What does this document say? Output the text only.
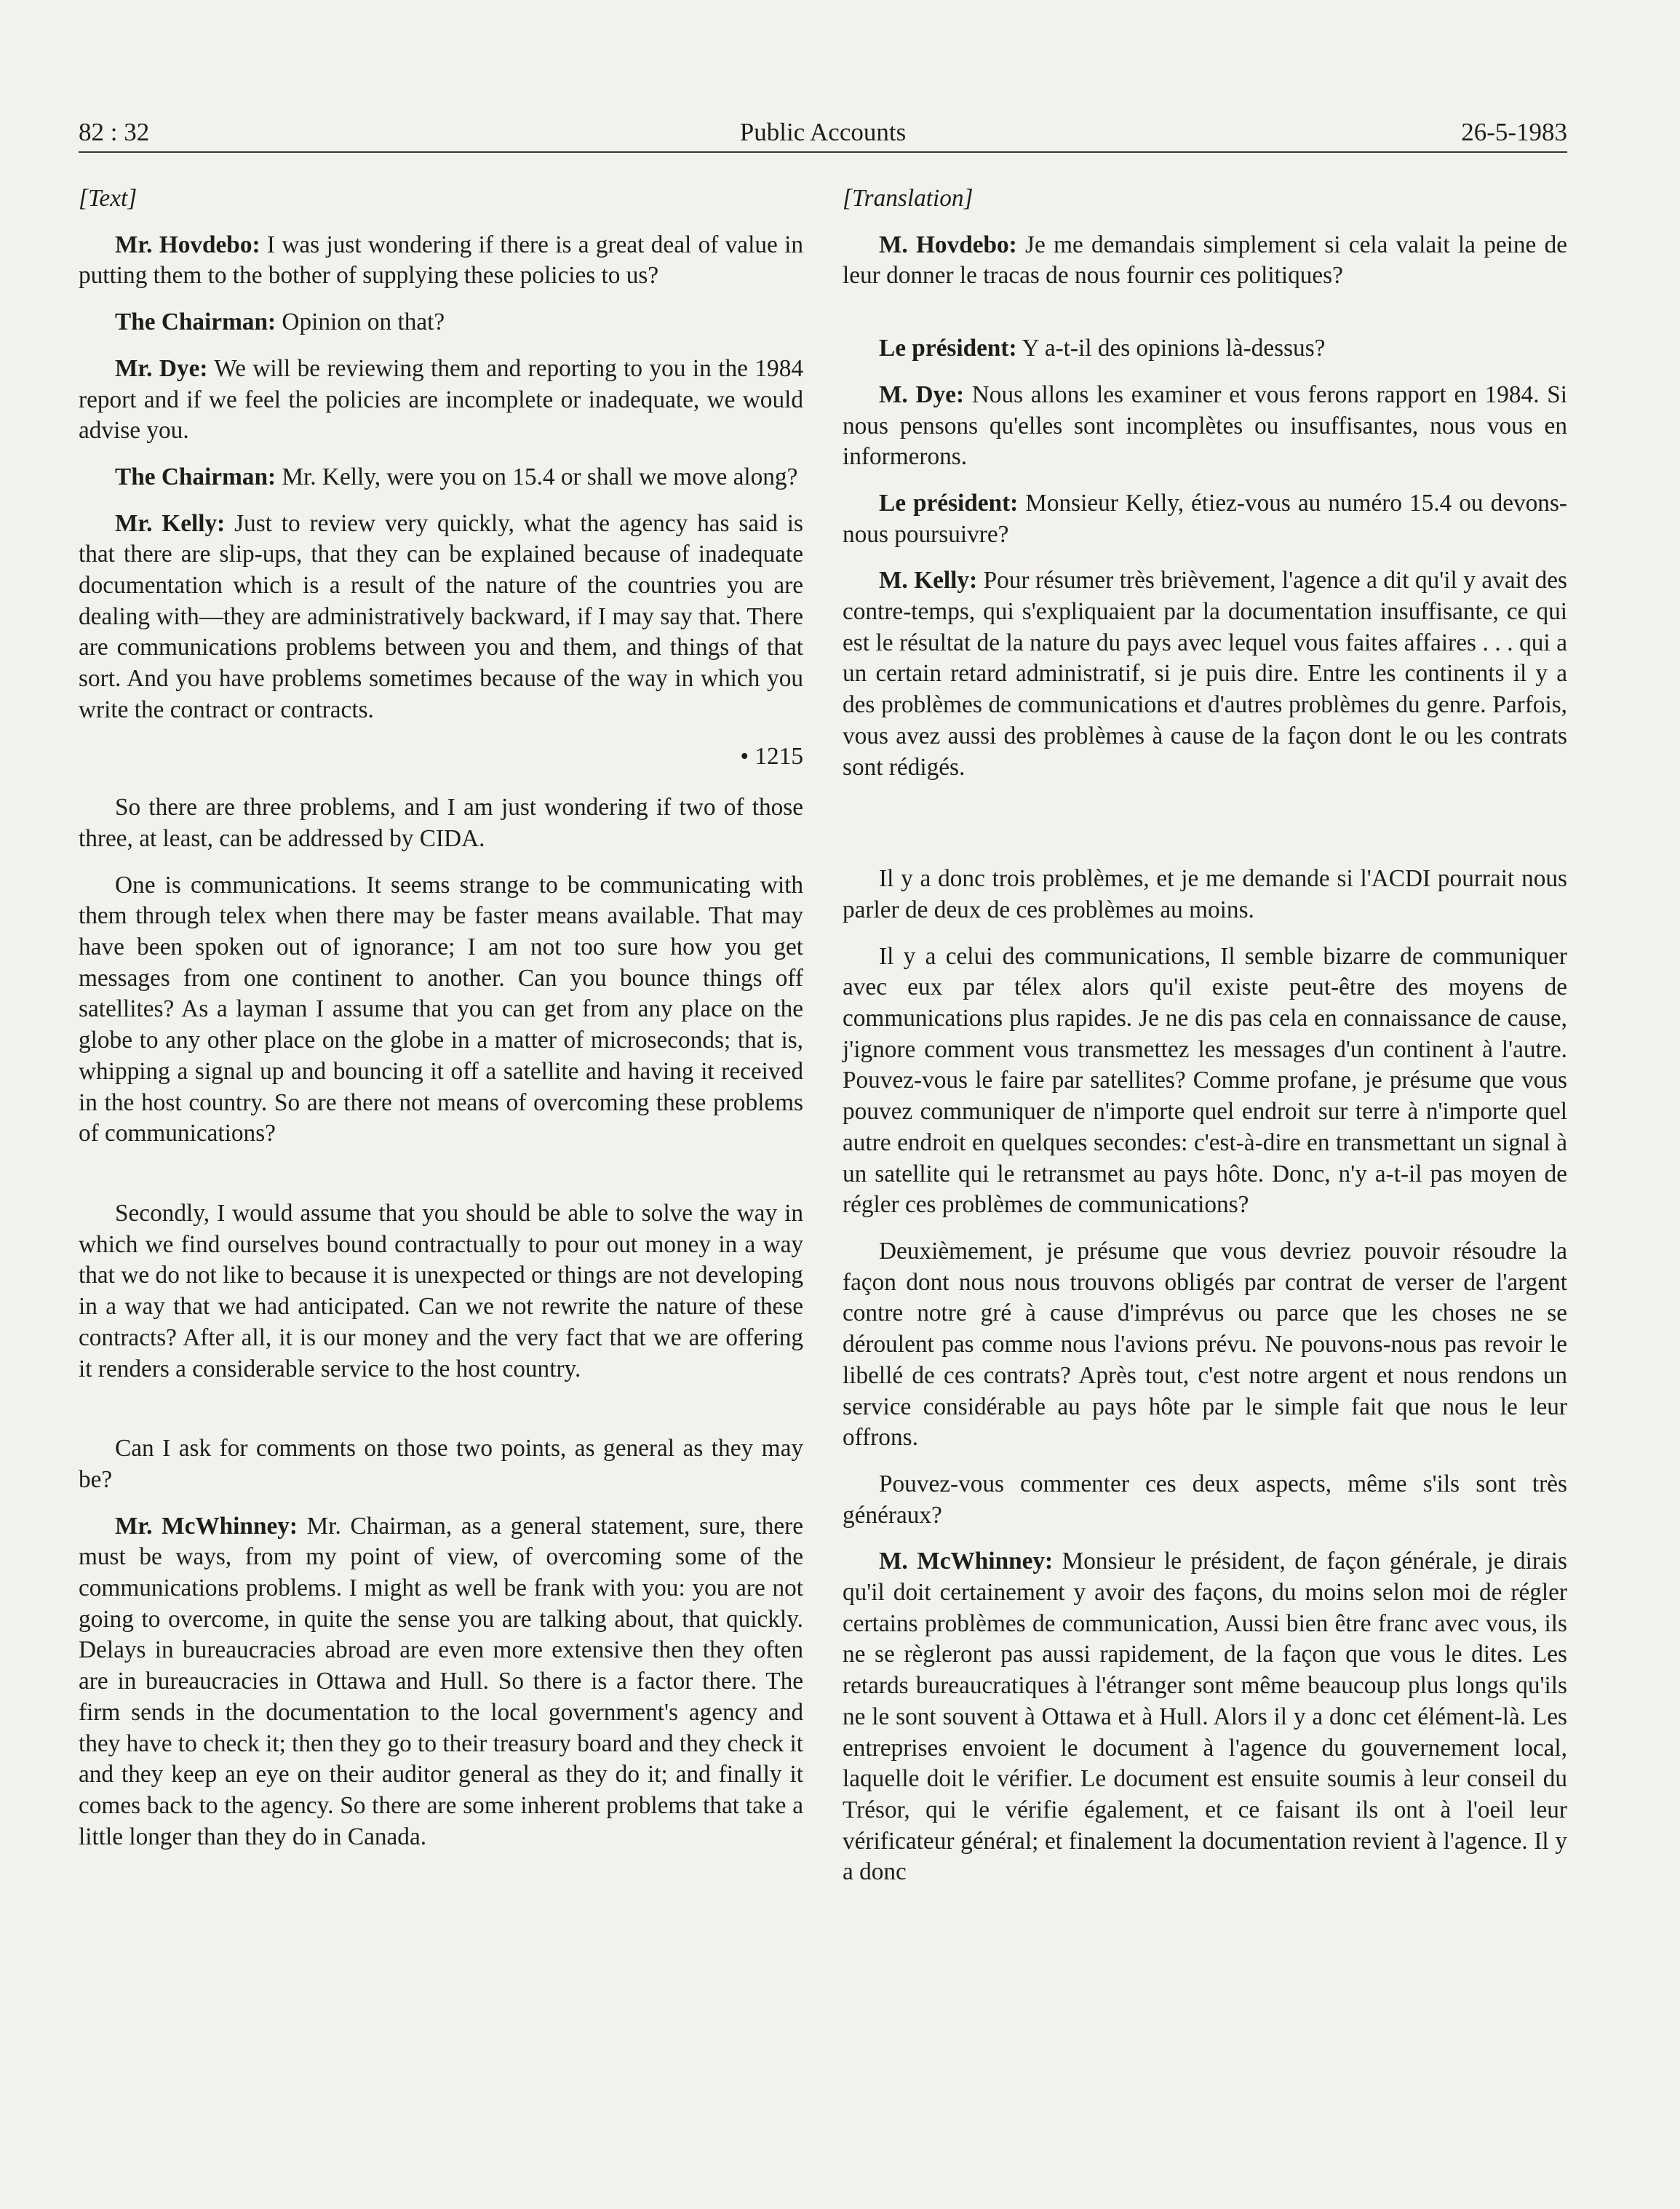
82 : 32	Public Accounts	26-5-1983

[Text]

Mr. Hovdebo: I was just wondering if there is a great deal of value in putting them to the bother of supplying these policies to us?

The Chairman: Opinion on that?

Mr. Dye: We will be reviewing them and reporting to you in the 1984 report and if we feel the policies are incomplete or inadequate, we would advise you.

The Chairman: Mr. Kelly, were you on 15.4 or shall we move along?

Mr. Kelly: Just to review very quickly, what the agency has said is that there are slip-ups, that they can be explained because of inadequate documentation which is a result of the nature of the countries you are dealing with—they are administratively backward, if I may say that. There are communications problems between you and them, and things of that sort. And you have problems sometimes because of the way in which you write the contract or contracts.

• 1215

So there are three problems, and I am just wondering if two of those three, at least, can be addressed by CIDA.

One is communications. It seems strange to be communicating with them through telex when there may be faster means available. That may have been spoken out of ignorance; I am not too sure how you get messages from one continent to another. Can you bounce things off satellites? As a layman I assume that you can get from any place on the globe to any other place on the globe in a matter of microseconds; that is, whipping a signal up and bouncing it off a satellite and having it received in the host country. So are there not means of overcoming these problems of communications?

Secondly, I would assume that you should be able to solve the way in which we find ourselves bound contractually to pour out money in a way that we do not like to because it is unexpected or things are not developing in a way that we had anticipated. Can we not rewrite the nature of these contracts? After all, it is our money and the very fact that we are offering it renders a considerable service to the host country.

Can I ask for comments on those two points, as general as they may be?

Mr. McWhinney: Mr. Chairman, as a general statement, sure, there must be ways, from my point of view, of overcoming some of the communications problems. I might as well be frank with you: you are not going to overcome, in quite the sense you are talking about, that quickly. Delays in bureaucracies abroad are even more extensive then they often are in bureaucracies in Ottawa and Hull. So there is a factor there. The firm sends in the documentation to the local government's agency and they have to check it; then they go to their treasury board and they check it and they keep an eye on their auditor general as they do it; and finally it comes back to the agency. So there are some inherent problems that take a little longer than they do in Canada.

[Translation]

M. Hovdebo: Je me demandais simplement si cela valait la peine de leur donner le tracas de nous fournir ces politiques?

Le président: Y a-t-il des opinions là-dessus?

M. Dye: Nous allons les examiner et vous ferons rapport en 1984. Si nous pensons qu'elles sont incomplètes ou insuffisantes, nous vous en informerons.

Le président: Monsieur Kelly, étiez-vous au numéro 15.4 ou devons-nous poursuivre?

M. Kelly: Pour résumer très brièvement, l'agence a dit qu'il y avait des contre-temps, qui s'expliquaient par la documentation insuffisante, ce qui est le résultat de la nature du pays avec lequel vous faites affaires . . . qui a un certain retard administratif, si je puis dire. Entre les continents il y a des problèmes de communications et d'autres problèmes du genre. Parfois, vous avez aussi des problèmes à cause de la façon dont le ou les contrats sont rédigés.

Il y a donc trois problèmes, et je me demande si l'ACDI pourrait nous parler de deux de ces problèmes au moins.

Il y a celui des communications, Il semble bizarre de communiquer avec eux par télex alors qu'il existe peut-être des moyens de communications plus rapides. Je ne dis pas cela en connaissance de cause, j'ignore comment vous transmettez les messages d'un continent à l'autre. Pouvez-vous le faire par satellites? Comme profane, je présume que vous pouvez communiquer de n'importe quel endroit sur terre à n'importe quel autre endroit en quelques secondes: c'est-à-dire en transmettant un signal à un satellite qui le retransmet au pays hôte. Donc, n'y a-t-il pas moyen de régler ces problèmes de communications?

Deuxièmement, je présume que vous devriez pouvoir résoudre la façon dont nous nous trouvons obligés par contrat de verser de l'argent contre notre gré à cause d'imprévus ou parce que les choses ne se déroulent pas comme nous l'avions prévu. Ne pouvons-nous pas revoir le libellé de ces contrats? Après tout, c'est notre argent et nous rendons un service considérable au pays hôte par le simple fait que nous le leur offrons.

Pouvez-vous commenter ces deux aspects, même s'ils sont très généraux?

M. McWhinney: Monsieur le président, de façon générale, je dirais qu'il doit certainement y avoir des façons, du moins selon moi de régler certains problèmes de communication, Aussi bien être franc avec vous, ils ne se règleront pas aussi rapidement, de la façon que vous le dites. Les retards bureaucratiques à l'étranger sont même beaucoup plus longs qu'ils ne le sont souvent à Ottawa et à Hull. Alors il y a donc cet élément-là. Les entreprises envoient le document à l'agence du gouvernement local, laquelle doit le vérifier. Le document est ensuite soumis à leur conseil du Trésor, qui le vérifie également, et ce faisant ils ont à l'oeil leur vérificateur général; et finalement la documentation revient à l'agence. Il y a donc
